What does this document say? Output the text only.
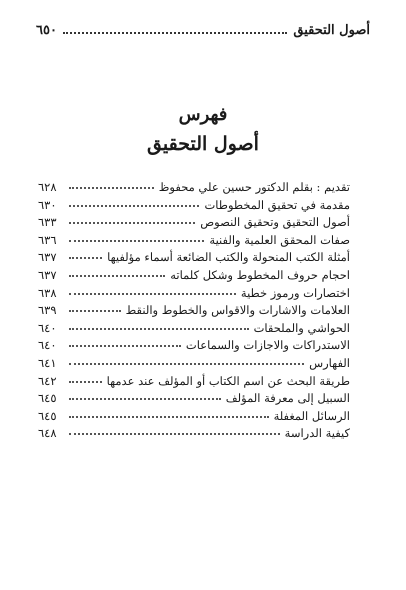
أصول التحقيق
٦٥٠
فهرس
أصول التحقيق
تقديم : بقلم الدكتور حسين علي محفوظ
٦٢٨
مقدمة في تحقيق المخطوطات
٦٣٠
أصول التحقيق وتحقيق النصوص
٦٣٣
صفات المحقق العلمية والفنية
٦٣٦
أمثلة الكتب المنحولة والكتب الضائعة أسماء مؤلفيها
٦٣٧
احجام حروف المخطوط وشكل كلماته
٦٣٧
اختصارات ورموز خطية
٦٣٨
العلامات والاشارات والاقواس والخطوط والنقط
٦٣٩
الحواشي والملحقات
٦٤٠
الاستدراكات والاجازات والسماعات
٦٤٠
الفهارس
٦٤١
طريقة البحث عن اسم الكتاب أو المؤلف عند عدمها
٦٤٢
السبيل إلى معرفة المؤلف
٦٤٥
الرسائل المغفلة
٦٤٥
كيفية الدراسة
٦٤٨
